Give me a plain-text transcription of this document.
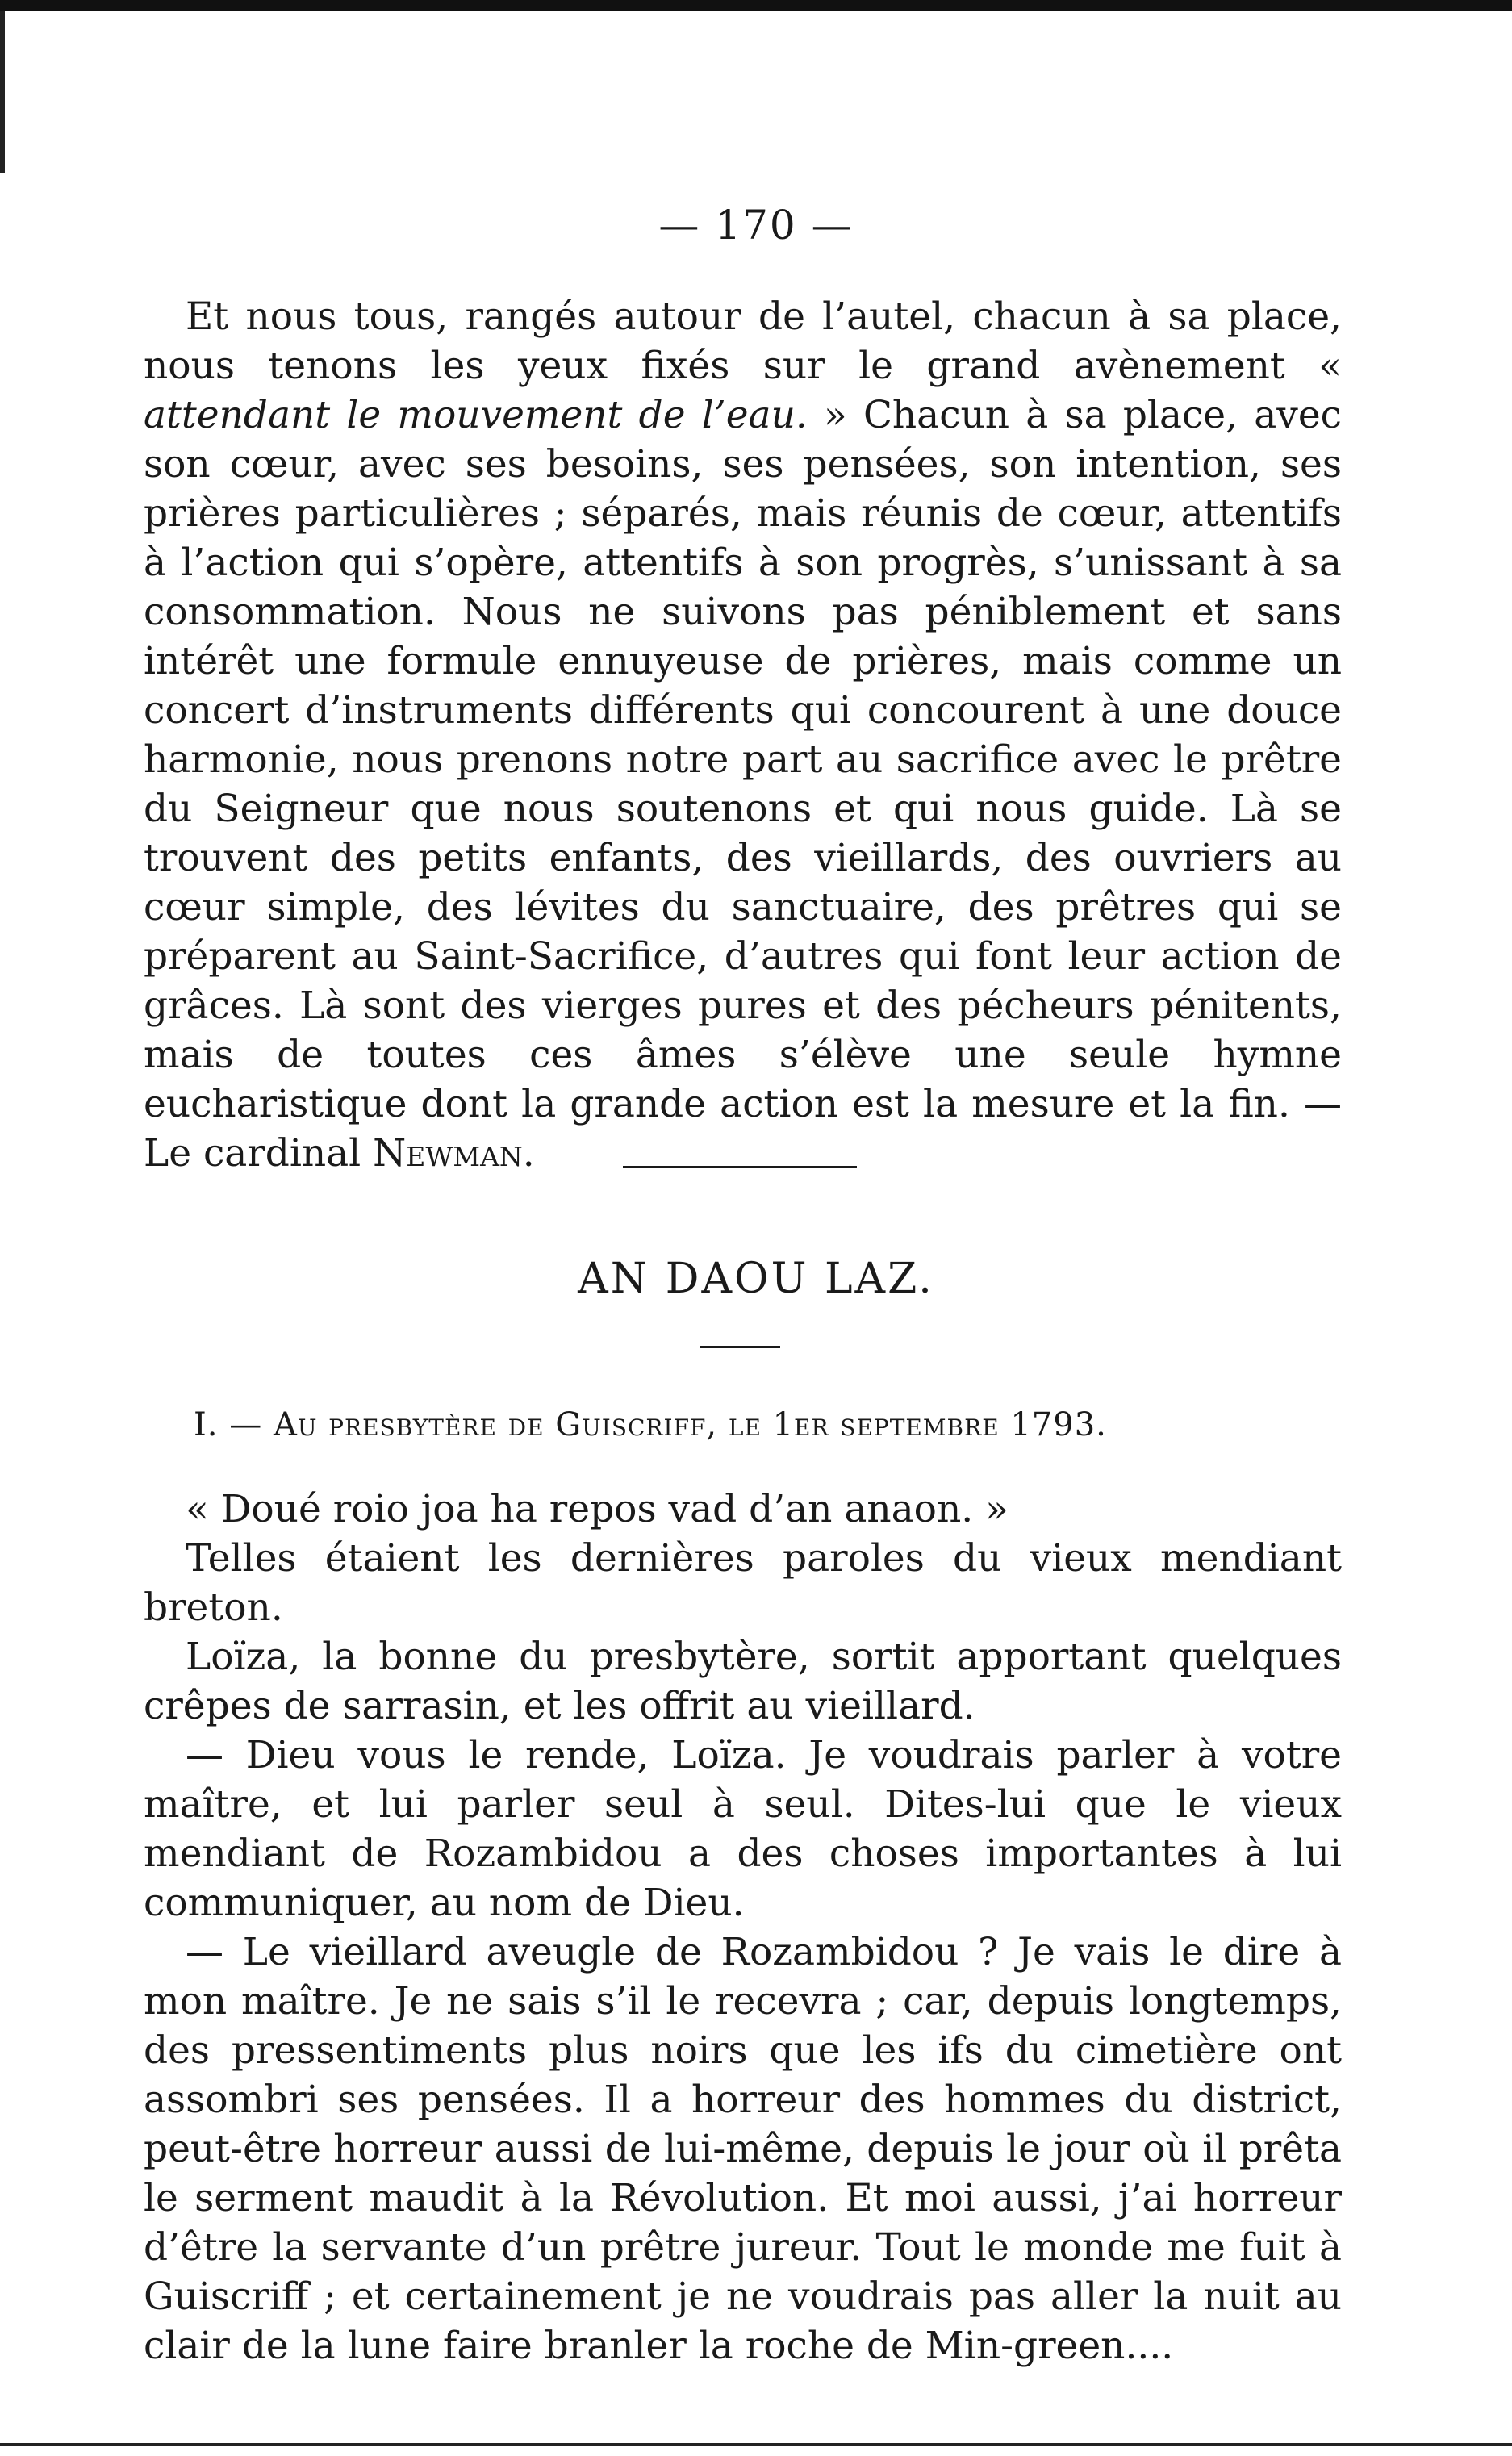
— 170 —

Et nous tous, rangés autour de l’autel, chacun à sa place, nous tenons les yeux fixés sur le grand avènement « attendant le mouvement de l’eau. » Chacun à sa place, avec son cœur, avec ses besoins, ses pensées, son intention, ses prières particulières ; séparés, mais réunis de cœur, attentifs à l’action qui s’opère, attentifs à son progrès, s’unissant à sa consommation. Nous ne suivons pas péniblement et sans intérêt une formule ennuyeuse de prières, mais comme un concert d’instruments différents qui concourent à une douce harmonie, nous prenons notre part au sacrifice avec le prêtre du Seigneur que nous soutenons et qui nous guide. Là se trouvent des petits enfants, des vieillards, des ouvriers au cœur simple, des lévites du sanctuaire, des prêtres qui se préparent au Saint-Sacrifice, d’autres qui font leur action de grâces. Là sont des vierges pures et des pécheurs pénitents, mais de toutes ces âmes s’élève une seule hymne eucharistique dont la grande action est la mesure et la fin. — Le cardinal Newman.

AN DAOU LAZ.
I. — Au presbytère de Guiscriff, le 1er septembre 1793.

« Doué roio joa ha repos vad d’an anaon. »

Telles étaient les dernières paroles du vieux mendiant breton.

Loïza, la bonne du presbytère, sortit apportant quelques crêpes de sarrasin, et les offrit au vieillard.

— Dieu vous le rende, Loïza. Je voudrais parler à votre maître, et lui parler seul à seul. Dites-lui que le vieux mendiant de Rozambidou a des choses importantes à lui communiquer, au nom de Dieu.

— Le vieillard aveugle de Rozambidou ? Je vais le dire à mon maître. Je ne sais s’il le recevra ; car, depuis longtemps, des pressentiments plus noirs que les ifs du cimetière ont assombri ses pensées. Il a horreur des hommes du district, peut-être horreur aussi de lui-même, depuis le jour où il prêta le serment maudit à la Révolution. Et moi aussi, j’ai horreur d’être la servante d’un prêtre jureur. Tout le monde me fuit à Guiscriff ; et certainement je ne voudrais pas aller la nuit au clair de la lune faire branler la roche de Min-green....
